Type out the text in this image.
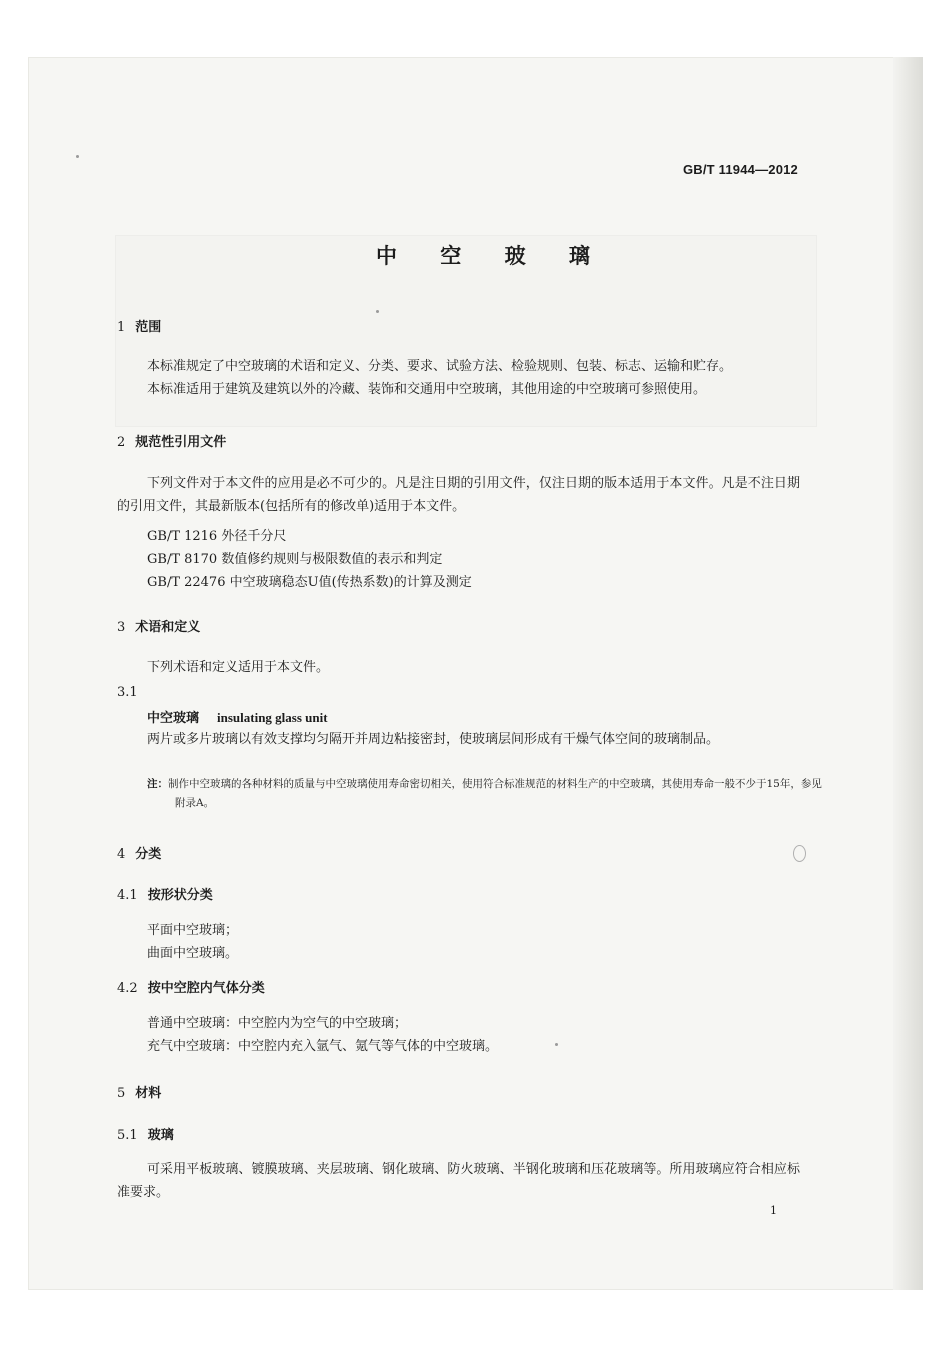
GB/T 11944—2012
中 空 玻 璃
1 范围
本标准规定了中空玻璃的术语和定义、分类、要求、试验方法、检验规则、包装、标志、运输和贮存。
本标准适用于建筑及建筑以外的冷藏、装饰和交通用中空玻璃，其他用途的中空玻璃可参照使用。
2 规范性引用文件
下列文件对于本文件的应用是必不可少的。凡是注日期的引用文件，仅注日期的版本适用于本文件。凡是不注日期的引用文件，其最新版本(包括所有的修改单)适用于本文件。
GB/T 1216 外径千分尺
GB/T 8170 数值修约规则与极限数值的表示和判定
GB/T 22476 中空玻璃稳态U值(传热系数)的计算及测定
3 术语和定义
下列术语和定义适用于本文件。
3.1
中空玻璃 insulating glass unit
两片或多片玻璃以有效支撑均匀隔开并周边粘接密封，使玻璃层间形成有干燥气体空间的玻璃制品。
注：制作中空玻璃的各种材料的质量与中空玻璃使用寿命密切相关，使用符合标准规范的材料生产的中空玻璃，其使用寿命一般不少于15年，参见附录A。
4 分类
4.1 按形状分类
平面中空玻璃；
曲面中空玻璃。
4.2 按中空腔内气体分类
普通中空玻璃：中空腔内为空气的中空玻璃；
充气中空玻璃：中空腔内充入氩气、氪气等气体的中空玻璃。
5 材料
5.1 玻璃
可采用平板玻璃、镀膜玻璃、夹层玻璃、钢化玻璃、防火玻璃、半钢化玻璃和压花玻璃等。所用玻璃应符合相应标准要求。
1
